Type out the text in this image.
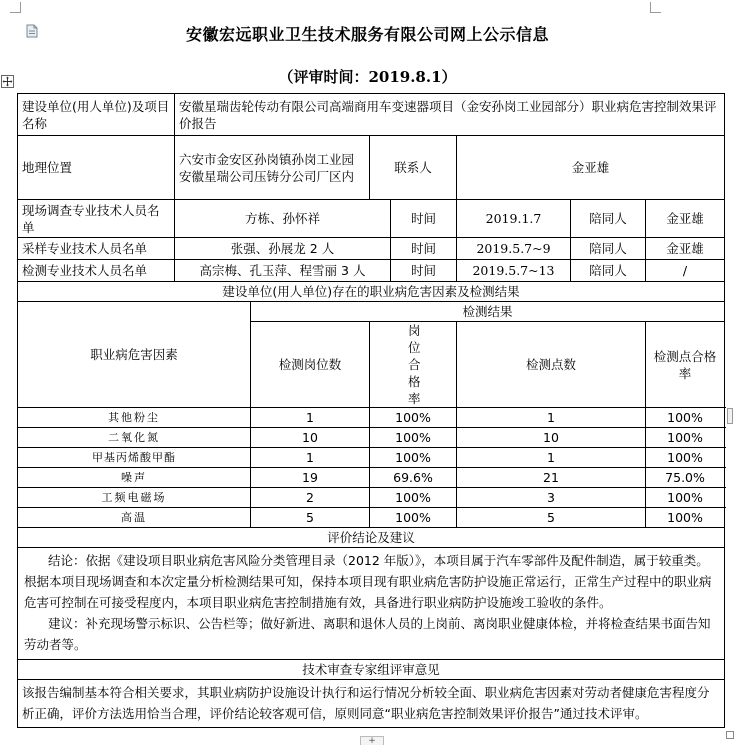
+
安徽宏远职业卫生技术服务有限公司网上公示信息
（评审时间：2019.8.1）
建设单位(用人单位)及项目名称	安徽星瑞齿轮传动有限公司高端商用车变速器项目（金安孙岗工业园部分）职业病危害控制效果评价报告						
地理位置	六安市金安区孙岗镇孙岗工业园安徽星瑞公司压铸分公司厂区内		联系人		金亚雄		
现场调查专业技术人员名单	方栋、孙怀祥			时间	2019.1.7	陪同人	金亚雄
采样专业技术人员名单	张强、孙展龙 2 人			时间	2019.5.7~9	陪同人	金亚雄
检测专业技术人员名单	高宗梅、孔玉萍、程雪丽 3 人			时间	2019.5.7~13	陪同人	/
建设单位(用人单位)存在的职业病危害因素及检测结果							
职业病危害因素		检测结果					
		检测岗位数	岗位合格率		检测点数		检测点合格率
其他粉尘		1	100%		1		100%
二氧化氮		10	100%		10		100%
甲基丙烯酸甲酯		1	100%		1		100%
噪声		19	69.6%		21		75.0%
工频电磁场		2	100%		3		100%
高温		5	100%		5		100%
评价结论及建议							

结论：依据《建设项目职业病危害风险分类管理目录（2012 年版）》，本项目属于汽车零部件及配件制造，属于较重类。根据本项目现场调查和本次定量分析检测结果可知，保持本项目现有职业病危害防护设施正常运行，正常生产过程中的职业病危害可控制在可接受程度内，本项目职业病危害控制措施有效，具备进行职业病防护设施竣工验收的条件。
建议：补充现场警示标识、公告栏等；做好新进、离职和退休人员的上岗前、离岗职业健康体检，并将检查结果书面告知劳动者等。							

技术审查专家组评审意见							

该报告编制基本符合相关要求，其职业病防护设施设计执行和运行情况分析较全面、职业病危害因素对劳动者健康危害程度分析正确，评价方法选用恰当合理，评价结论较客观可信，原则同意“职业病危害控制效果评价报告”通过技术评审。							
